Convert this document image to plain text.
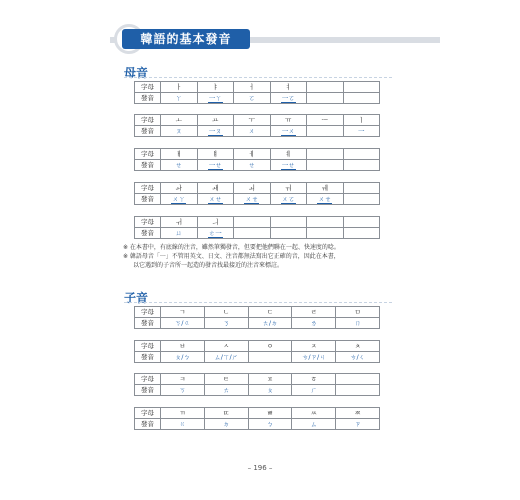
韓語的基本發音
母音
字母	ㅏ	ㅑ	ㅓ	ㅕ		
發音	ㄚ	一ㄚ	ㄛ	一ㄛ		
字母	ㅗ	ㅛ	ㅜ	ㅠ	ㅡ	ㅣ
發音	ㄡ	一ㄡ	ㄨ	一ㄨ		一
字母	ㅐ	ㅒ	ㅔ	ㅖ		
發音	ㄝ	一ㄝ	ㄝ	一ㄝ		
字母	ㅘ	ㅙ	ㅚ	ㅝ	ㅞ	
發音	ㄨㄚ	ㄨㄝ	ㄨㄝ	ㄨㄛ	ㄨㄝ	
字母	ㅟ	ㅢ				
發音	ㄩ	ㄜ一				
※ 在本書中，有底線的注音，雖然筆獨發音，但要把他們聯在一起、快速度的唸。
※ 韓語母音「ㅡ」不管用英文、日文、注音都無法寫出它正確的音，因此在本書，
以它遇到的子音所一起造的發音找最接近的注音來標註。
子音
字母	ㄱ	ㄴ	ㄷ	ㄹ	ㅁ
發音	ㄎ/ㄍ	ㄋ	ㄊ/ㄉ	ㄌ	ㄇ
字母	ㅂ	ㅅ	ㅇ	ㅈ	ㅊ
發音	ㄆ/ㄅ	ㄙ/ㄒ/ㄕ		ㄘ/ㄗ/ㄐ	ㄘ/ㄑ
字母	ㅋ	ㅌ	ㅍ	ㅎ	
發音	ㄎ	ㄊ	ㄆ	ㄏ	
字母	ㄲ	ㄸ	ㅃ	ㅆ	ㅉ
發音	ㄍ	ㄉ	ㄅ	ㄙ	ㄗ
– 196 –
